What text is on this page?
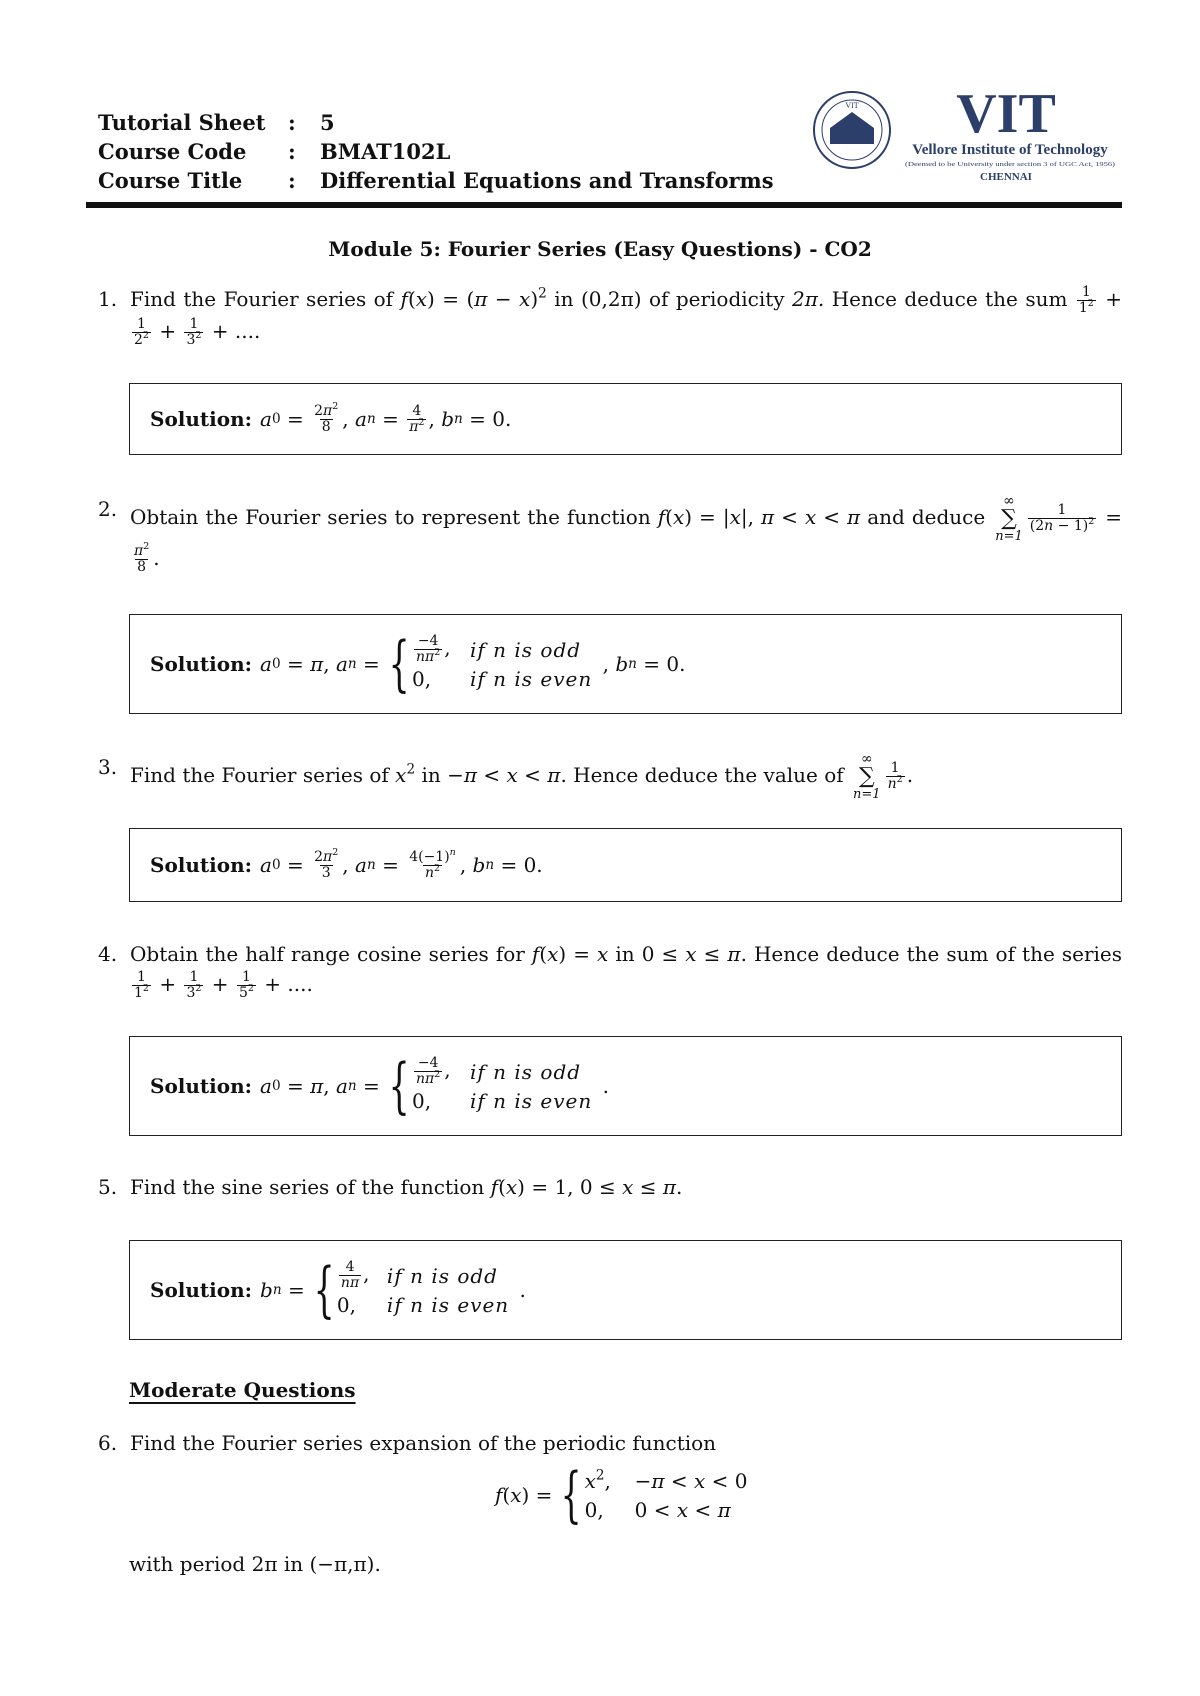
Tutorial Sheet	:	5
Course Code	:	BMAT102L
Course Title	:	Differential Equations and Transforms
VIT VIT
Vellore Institute of Technology
(Deemed to be University under section 3 of UGC Act, 1956)
CHENNAI
Module 5: Fourier Series (Easy Questions) - CO2
1. Find the Fourier series of $f(x) = (\pi - x)^2$ in (0,2π) of periodicity 2π. Hence deduce the sum $\frac{1}{1^2}$ +
$\frac{1}{2^2} + \frac{1}{3^2}$ + ....
Solution: a $0 = \frac{2\pi^2}{8}$ , a $n = \frac{4}{\pi^2}$ , b n = 0.
2. Obtain the Fourier series to represent the function f(x) = |x|, π < x < π and deduce
∞
∑
n=1
$\frac{1}{(2n - 1)^2}$ =
$\frac{\pi^2}{8}$ .
Solution: a 0 = π , a n = { $\frac{-4}{n\pi^2}$ , if n is odd
0,	if n is even
, b n = 0.
3. Find the Fourier series of $x^2$ in −π < x < π. Hence deduce the value of
∞
∑
n=1
$\frac{1}{n^2}$ .
Solution: a $0 = \frac{2\pi^2}{3}$ , a $n = \frac{4(-1)^n}{n^2}$ , b n = 0.
4. Obtain the half range cosine series for f(x) = x in 0 ≤ x ≤ π. Hence deduce the sum of the series
$\frac{1}{1^2} + \frac{1}{3^2} + \frac{1}{5^2}$ + ....
Solution: a 0 = π , a n = { $\frac{-4}{n\pi^2}$ , if n is odd
0,	if n is even
.
5. Find the sine series of the function f(x) = 1, 0 ≤ x ≤ π.
Solution: b n = { $\frac{4}{n\pi}$ , if n is odd
0,	if n is even
.
Moderate Questions
6. Find the Fourier series expansion of the periodic function
f ( x ) = { $x^2$,	−π < x < 0
0,	0 < x < π
with period 2π in (−π,π).
